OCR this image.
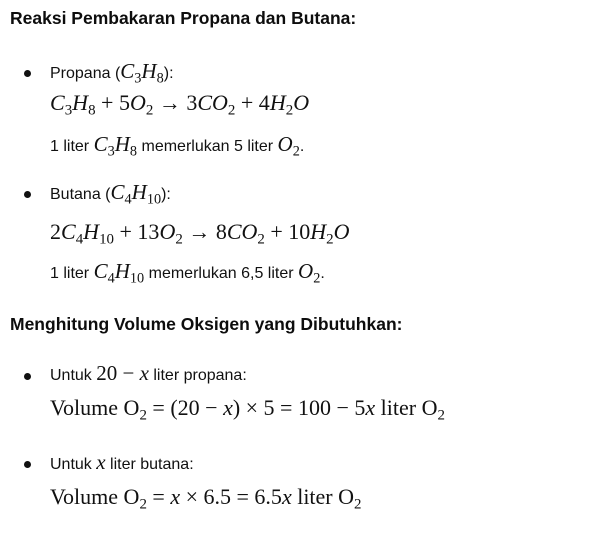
Reaksi Pembakaran Propana dan Butana:
Propana $(C_3H_8)$:
$C_3H_8 + 5O_2 \to 3CO_2 + 4H_2O$
1 liter $C_3H_8$ memerlukan 5 liter $O_2$.
Butana $(C_4H_{10})$:
$2C_4H_{10} + 13O_2 \to 8CO_2 + 10H_2O$
1 liter $C_4H_{10}$ memerlukan 6,5 liter $O_2$.
Menghitung Volume Oksigen yang Dibutuhkan:
Untuk 20 − x liter propana:
Volume $O_2 = (20 - x) \times 5 = 100 - 5x$ liter $O_2$
Untuk x liter butana:
Volume $O_2 = x \times 6.5 = 6.5x$ liter $O_2$
